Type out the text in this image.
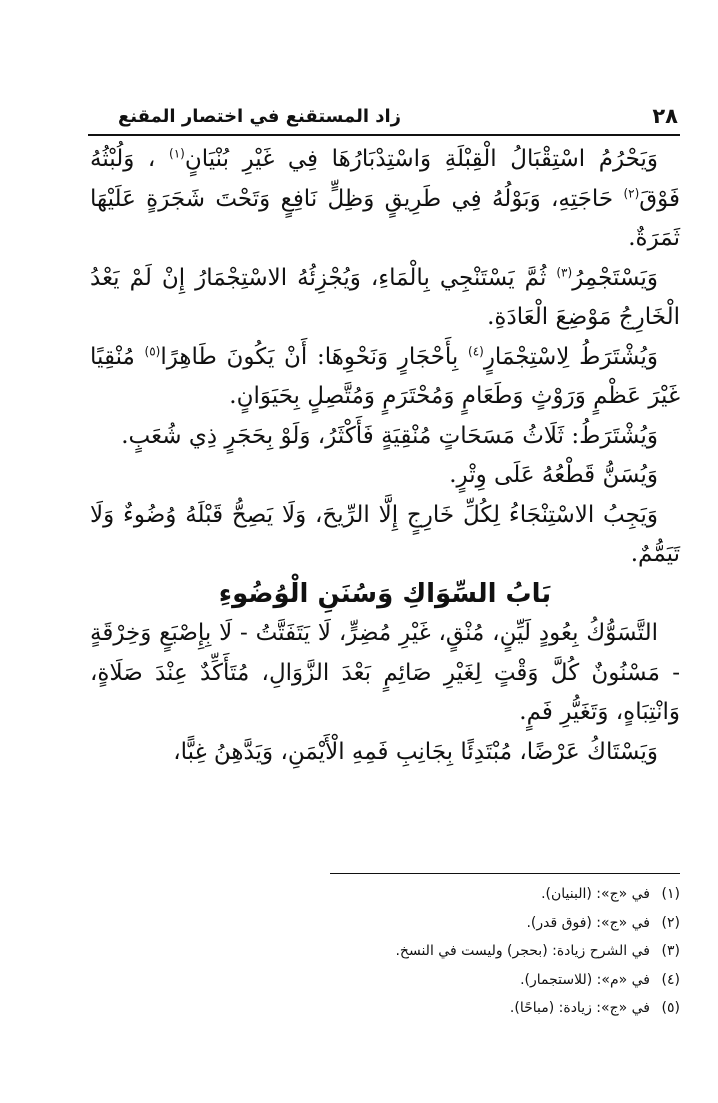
٢٨
زاد المستقنع في اختصار المقنع

وَيَحْرُمُ اسْتِقْبَالُ الْقِبْلَةِ وَاسْتِدْبَارُهَا فِي غَيْرِ بُنْيَانٍ$^{(١)}$ ، وَلُبْثُهُ فَوْقَ$^{(٢)}$ حَاجَتِهِ، وَبَوْلُهُ فِي طَرِيقٍ وَظِلٍّ نَافِعٍ وَتَحْتَ شَجَرَةٍ عَلَيْهَا ثَمَرَةٌ.

وَيَسْتَجْمِرُ$^{(٣)}$ ثُمَّ يَسْتَنْجِي بِالْمَاءِ، وَيُجْزِئُهُ الاسْتِجْمَارُ إِنْ لَمْ يَعْدُ الْخَارِجُ مَوْضِعَ الْعَادَةِ.

وَيُشْتَرَطُ لِاسْتِجْمَارٍ$^{(٤)}$ بِأَحْجَارٍ وَنَحْوِهَا: أَنْ يَكُونَ طَاهِرًا$^{(٥)}$ مُنْقِيًا غَيْرَ عَظْمٍ وَرَوْثٍ وَطَعَامٍ وَمُحْتَرَمٍ وَمُتَّصِلٍ بِحَيَوَانٍ.

وَيُشْتَرَطُ: ثَلَاثُ مَسَحَاتٍ مُنْقِيَةٍ فَأَكْثَرُ، وَلَوْ بِحَجَرٍ ذِي شُعَبٍ.

وَيُسَنُّ قَطْعُهُ عَلَى وِتْرٍ.

وَيَجِبُ الاسْتِنْجَاءُ لِكُلِّ خَارِجٍ إِلَّا الرِّيحَ، وَلَا يَصِحُّ قَبْلَهُ وُضُوءٌ وَلَا تَيَمُّمٌ.

بَابُ السِّوَاكِ وَسُنَنِ الْوُضُوءِ

التَّسَوُّكُ بِعُودٍ لَيِّنٍ، مُنْقٍ، غَيْرِ مُضِرٍّ، لَا يَتَفَتَّتُ - لَا بِإِصْبَعٍ وَخِرْقَةٍ - مَسْنُونٌ كُلَّ وَقْتٍ لِغَيْرِ صَائِمٍ بَعْدَ الزَّوَالِ، مُتَأَكِّدٌ عِنْدَ صَلَاةٍ، وَانْتِبَاهٍ، وَتَغَيُّرِ فَمٍ.

وَيَسْتَاكُ عَرْضًا، مُبْتَدِئًا بِجَانِبِ فَمِهِ الْأَيْمَنِ، وَيَدَّهِنُ غِبًّا،

(١)في «ج»: (البنيان).
(٢)في «ج»: (فوق قدر).
(٣)في الشرح زيادة: (بحجر) وليست في النسخ.
(٤)في «م»: (للاستجمار).
(٥)في «ج»: زيادة: (مباحًا).
